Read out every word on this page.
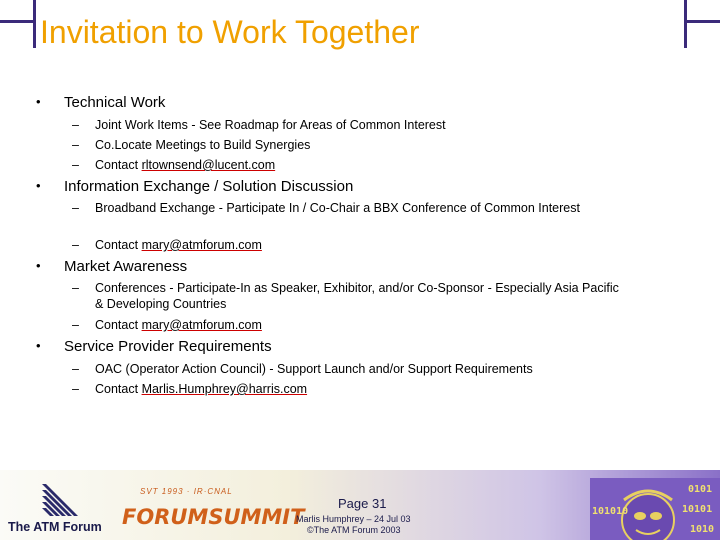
Invitation to Work Together
• Technical Work
– Joint Work Items - See Roadmap for Areas of Common Interest
– Co.Locate Meetings to Build Synergies
– Contact rltownsend@lucent.com
• Information Exchange / Solution Discussion
– Broadband Exchange - Participate In / Co-Chair a BBX Conference of Common Interest
– Contact mary@atmforum.com
• Market Awareness
– Conferences - Participate-In as Speaker, Exhibitor, and/or Co-Sponsor - Especially Asia Pacific & Developing Countries
– Contact mary@atmforum.com
• Service Provider Requirements
– OAC (Operator Action Council) - Support Launch and/or Support Requirements
– Contact Marlis.Humphrey@harris.com
The ATM Forum
SVT 1993 · IR·CNAL
FORUMSUMMIT
Page 31
Marlis Humphrey – 24 Jul 03
©The ATM Forum 2003
0101
101010	10101
1010
